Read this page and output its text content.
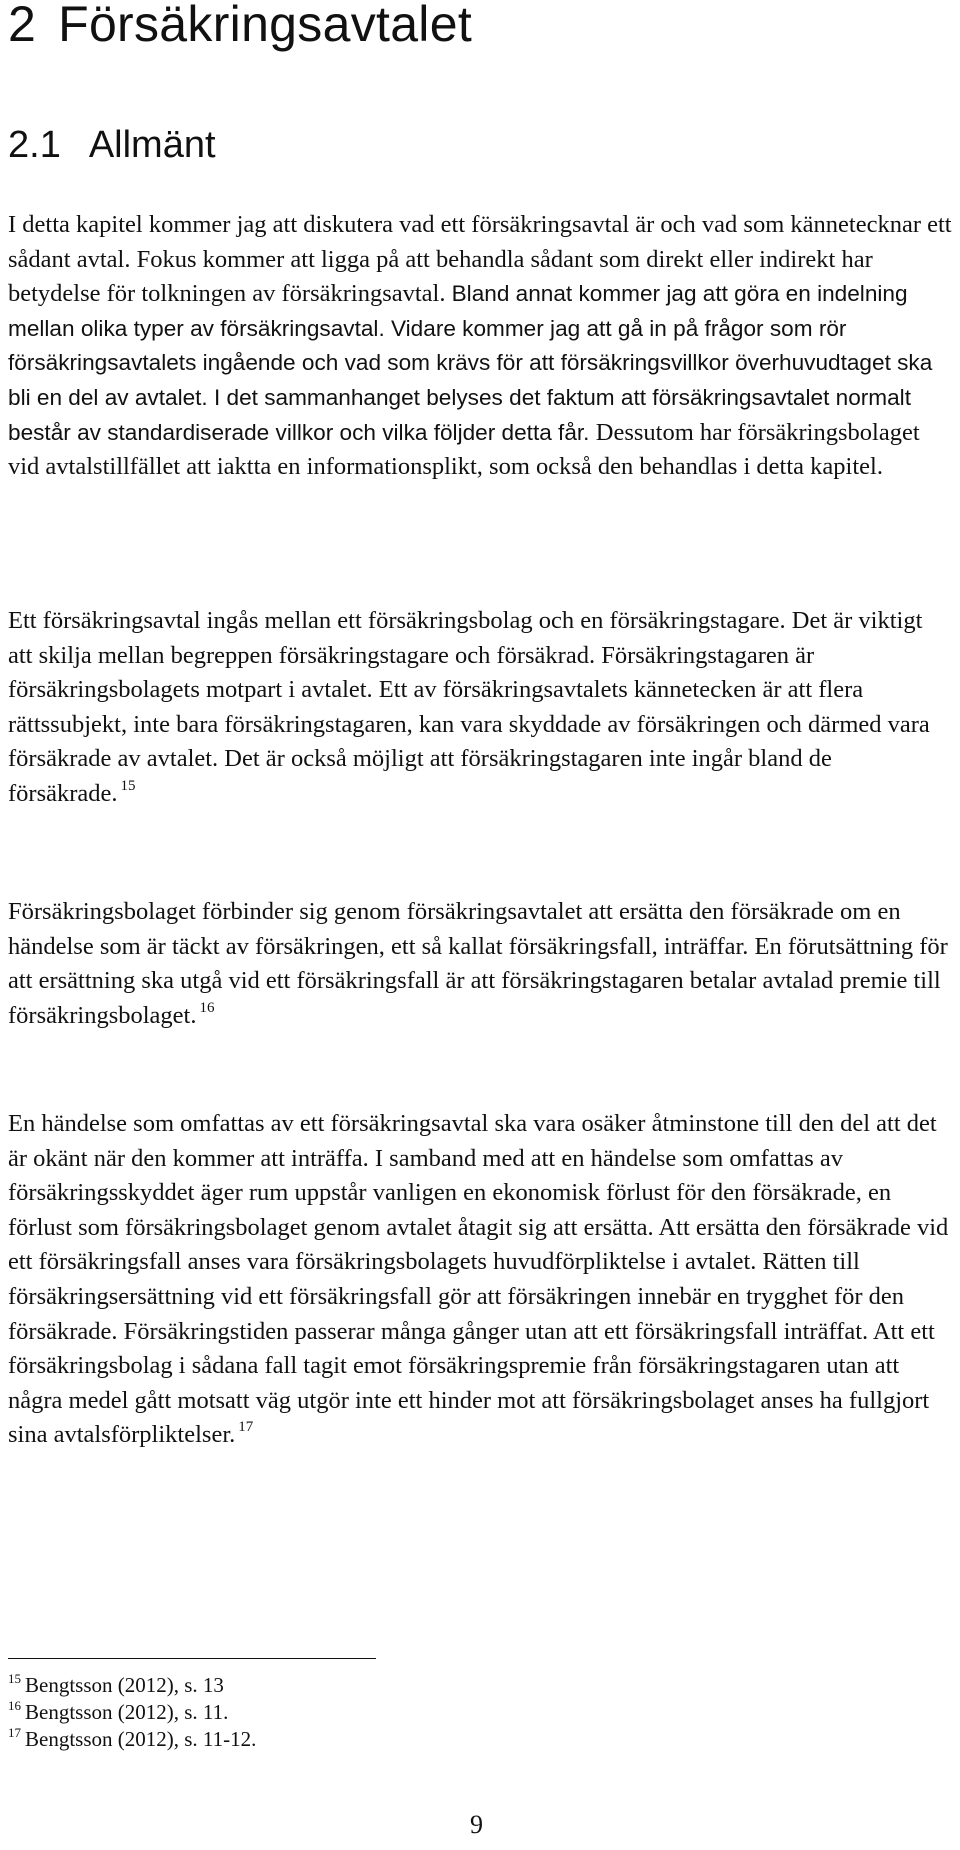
2 Försäkringsavtalet
2.1 Allmänt

I detta kapitel kommer jag att diskutera vad ett försäkringsavtal är och vad som kännetecknar ett sådant avtal. Fokus kommer att ligga på att behandla sådant som direkt eller indirekt har betydelse för tolkningen av försäkringsavtal. Bland annat kommer jag att göra en indelning mellan olika typer av försäkringsavtal. Vidare kommer jag att gå in på frågor som rör försäkringsavtalets ingående och vad som krävs för att försäkringsvillkor överhuvudtaget ska bli en del av avtalet. I det sammanhanget belyses det faktum att försäkringsavtalet normalt består av standardiserade villkor och vilka följder detta får. Dessutom har försäkringsbolaget vid avtalstillfället att iaktta en informationsplikt, som också den behandlas i detta kapitel.

Ett försäkringsavtal ingås mellan ett försäkringsbolag och en försäkringstagare. Det är viktigt att skilja mellan begreppen försäkringstagare och försäkrad. Försäkringstagaren är försäkringsbolagets motpart i avtalet. Ett av försäkringsavtalets kännetecken är att flera rättssubjekt, inte bara försäkringstagaren, kan vara skyddade av försäkringen och därmed vara försäkrade av avtalet. Det är också möjligt att försäkringstagaren inte ingår bland de försäkrade. $^{15}$

Försäkringsbolaget förbinder sig genom försäkringsavtalet att ersätta den försäkrade om en händelse som är täckt av försäkringen, ett så kallat försäkringsfall, inträffar. En förutsättning för att ersättning ska utgå vid ett försäkringsfall är att försäkringstagaren betalar avtalad premie till försäkringsbolaget. $^{16}$

En händelse som omfattas av ett försäkringsavtal ska vara osäker åtminstone till den del att det är okänt när den kommer att inträffa. I samband med att en händelse som omfattas av försäkringsskyddet äger rum uppstår vanligen en ekonomisk förlust för den försäkrade, en förlust som försäkringsbolaget genom avtalet åtagit sig att ersätta. Att ersätta den försäkrade vid ett försäkringsfall anses vara försäkringsbolagets huvudförpliktelse i avtalet. Rätten till försäkringsersättning vid ett försäkringsfall gör att försäkringen innebär en trygghet för den försäkrade. Försäkringstiden passerar många gånger utan att ett försäkringsfall inträffat. Att ett försäkringsbolag i sådana fall tagit emot försäkringspremie från försäkringstagaren utan att några medel gått motsatt väg utgör inte ett hinder mot att försäkringsbolaget anses ha fullgjort sina avtalsförpliktelser. $^{17}$

$^{15}$ Bengtsson (2012), s. 13
$^{16}$ Bengtsson (2012), s. 11.
$^{17}$ Bengtsson (2012), s. 11-12.
9
